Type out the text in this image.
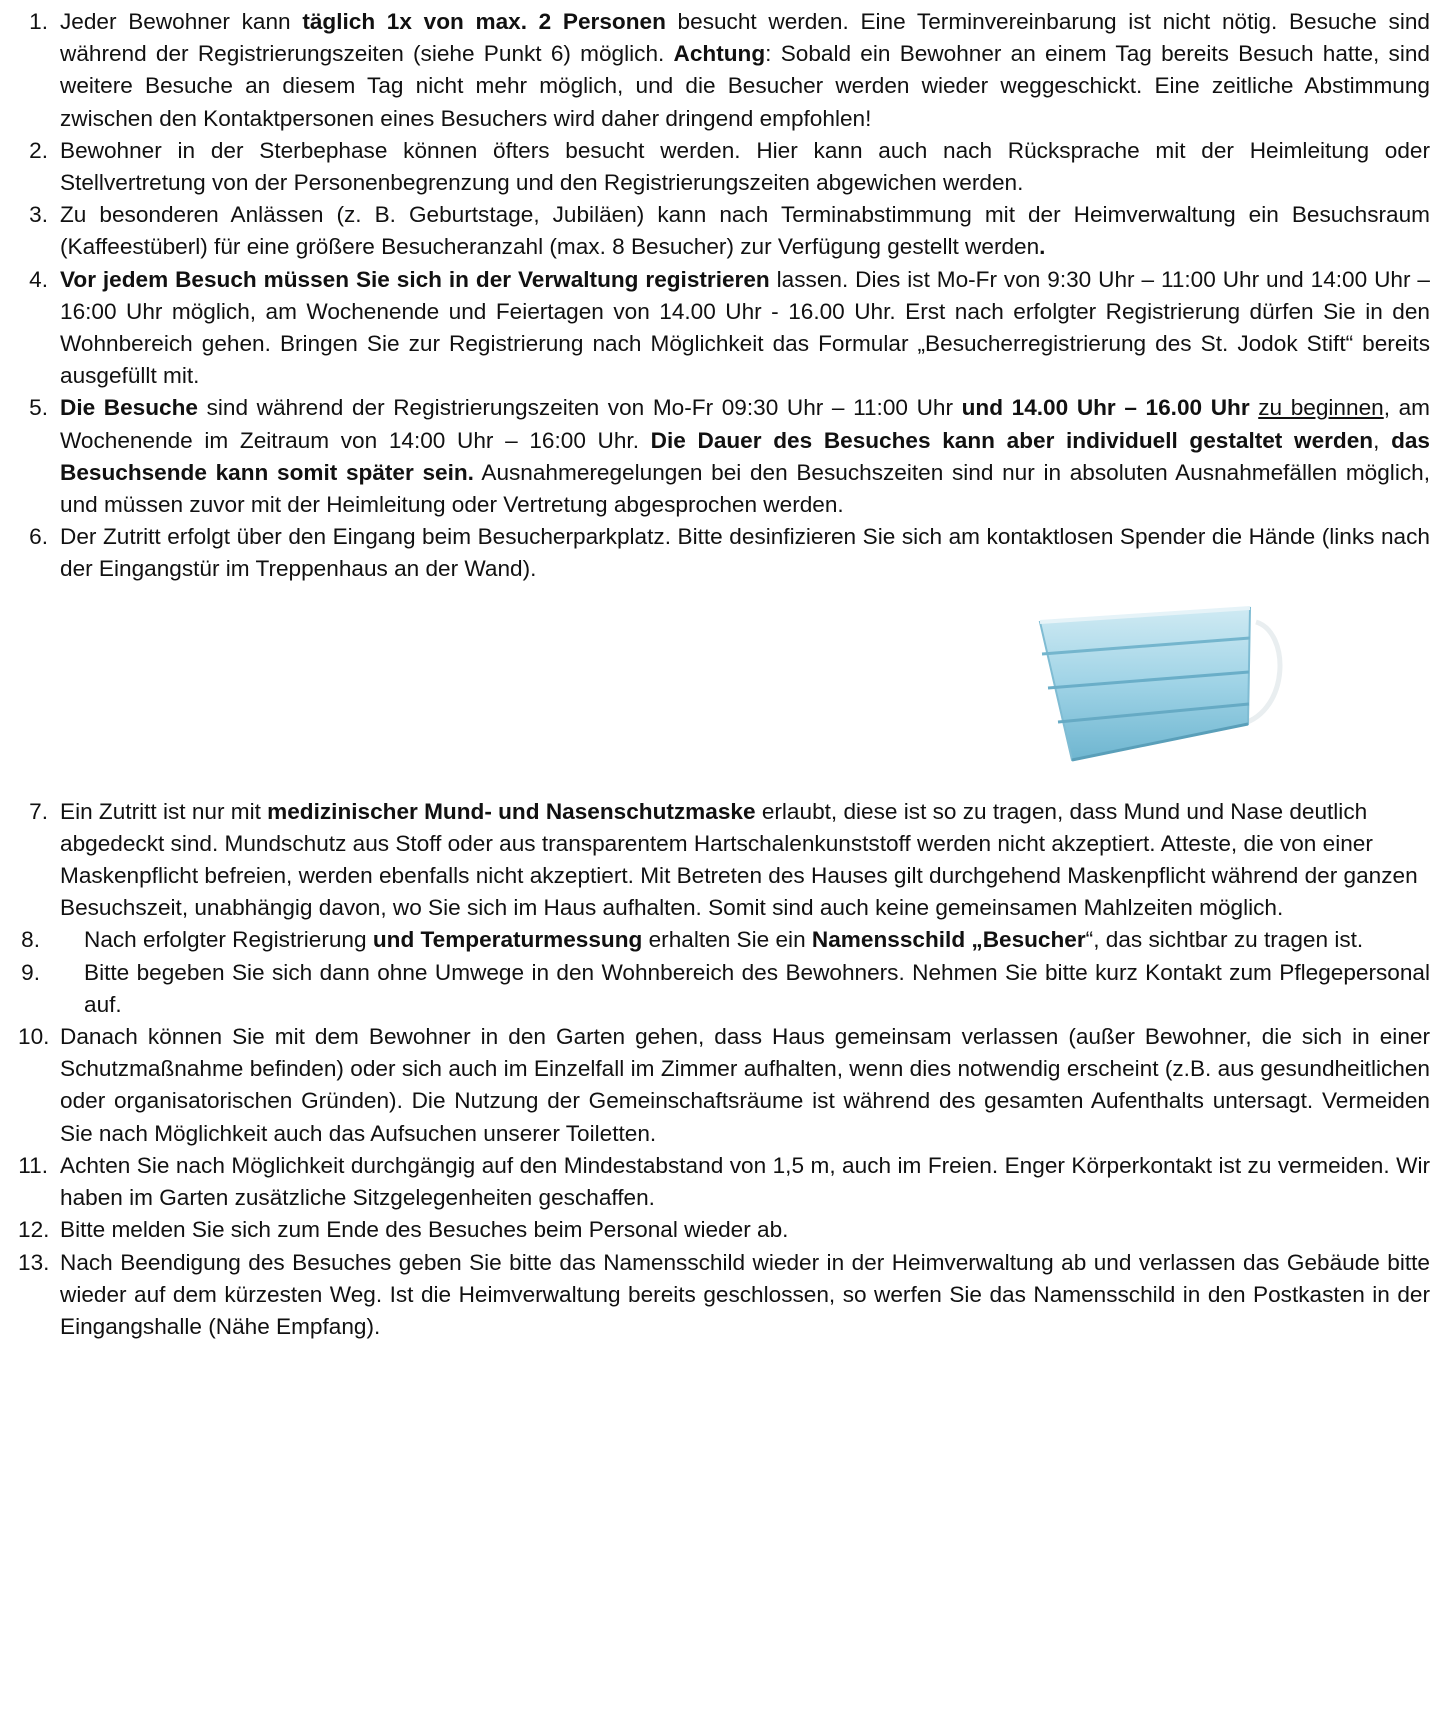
1. Jeder Bewohner kann täglich 1x von max. 2 Personen besucht werden. Eine Terminvereinbarung ist nicht nötig. Besuche sind während der Registrierungszeiten (siehe Punkt 6) möglich. Achtung: Sobald ein Bewohner an einem Tag bereits Besuch hatte, sind weitere Besuche an diesem Tag nicht mehr möglich, und die Besucher werden wieder weggeschickt. Eine zeitliche Abstimmung zwischen den Kontaktpersonen eines Besuchers wird daher dringend empfohlen!
2. Bewohner in der Sterbephase können öfters besucht werden. Hier kann auch nach Rücksprache mit der Heimleitung oder Stellvertretung von der Personenbegrenzung und den Registrierungszeiten abgewichen werden.
3. Zu besonderen Anlässen (z. B. Geburtstage, Jubiläen) kann nach Terminabstimmung mit der Heimverwaltung ein Besuchsraum (Kaffeestüberl) für eine größere Besucheranzahl (max. 8 Besucher) zur Verfügung gestellt werden.
4. Vor jedem Besuch müssen Sie sich in der Verwaltung registrieren lassen. Dies ist Mo-Fr von 9:30 Uhr – 11:00 Uhr und 14:00 Uhr – 16:00 Uhr möglich, am Wochenende und Feiertagen von 14.00 Uhr - 16.00 Uhr. Erst nach erfolgter Registrierung dürfen Sie in den Wohnbereich gehen. Bringen Sie zur Registrierung nach Möglichkeit das Formular „Besucherregistrierung des St. Jodok Stift“ bereits ausgefüllt mit.
5. Die Besuche sind während der Registrierungszeiten von Mo-Fr 09:30 Uhr – 11:00 Uhr und 14.00 Uhr – 16.00 Uhr zu beginnen, am Wochenende im Zeitraum von 14:00 Uhr – 16:00 Uhr. Die Dauer des Besuches kann aber individuell gestaltet werden, das Besuchsende kann somit später sein. Ausnahmeregelungen bei den Besuchszeiten sind nur in absoluten Ausnahmefällen möglich, und müssen zuvor mit der Heimleitung oder Vertretung abgesprochen werden.
6. Der Zutritt erfolgt über den Eingang beim Besucherparkplatz. Bitte desinfizieren Sie sich am kontaktlosen Spender die Hände (links nach der Eingangstür im Treppenhaus an der Wand).
7. Ein Zutritt ist nur mit medizinischer Mund- und Nasenschutzmaske erlaubt, diese ist so zu tragen, dass Mund und Nase deutlich abgedeckt sind. Mundschutz aus Stoff oder aus transparentem Hartschalenkunststoff werden nicht akzeptiert. Atteste, die von einer Maskenpflicht befreien, werden ebenfalls nicht akzeptiert. Mit Betreten des Hauses gilt durchgehend Maskenpflicht während der ganzen Besuchszeit, unabhängig davon, wo Sie sich im Haus aufhalten. Somit sind auch keine gemeinsamen Mahlzeiten möglich.
8.	Nach erfolgter Registrierung und Temperaturmessung erhalten Sie ein Namensschild „Besucher“, das sichtbar zu tragen ist.
9.	Bitte begeben Sie sich dann ohne Umwege in den Wohnbereich des Bewohners. Nehmen Sie bitte kurz Kontakt zum Pflegepersonal auf.
10. Danach können Sie mit dem Bewohner in den Garten gehen, dass Haus gemeinsam verlassen (außer Bewohner, die sich in einer Schutzmaßnahme befinden) oder sich auch im Einzelfall im Zimmer aufhalten, wenn dies notwendig erscheint (z.B. aus gesundheitlichen oder organisatorischen Gründen). Die Nutzung der Gemeinschaftsräume ist während des gesamten Aufenthalts untersagt. Vermeiden Sie nach Möglichkeit auch das Aufsuchen unserer Toiletten.
11. Achten Sie nach Möglichkeit durchgängig auf den Mindestabstand von 1,5 m, auch im Freien. Enger Körperkontakt ist zu vermeiden. Wir haben im Garten zusätzliche Sitzgelegenheiten geschaffen.
12. Bitte melden Sie sich zum Ende des Besuches beim Personal wieder ab.
13. Nach Beendigung des Besuches geben Sie bitte das Namensschild wieder in der Heimverwaltung ab und verlassen das Gebäude bitte wieder auf dem kürzesten Weg. Ist die Heimverwaltung bereits geschlossen, so werfen Sie das Namensschild in den Postkasten in der Eingangshalle (Nähe Empfang).
